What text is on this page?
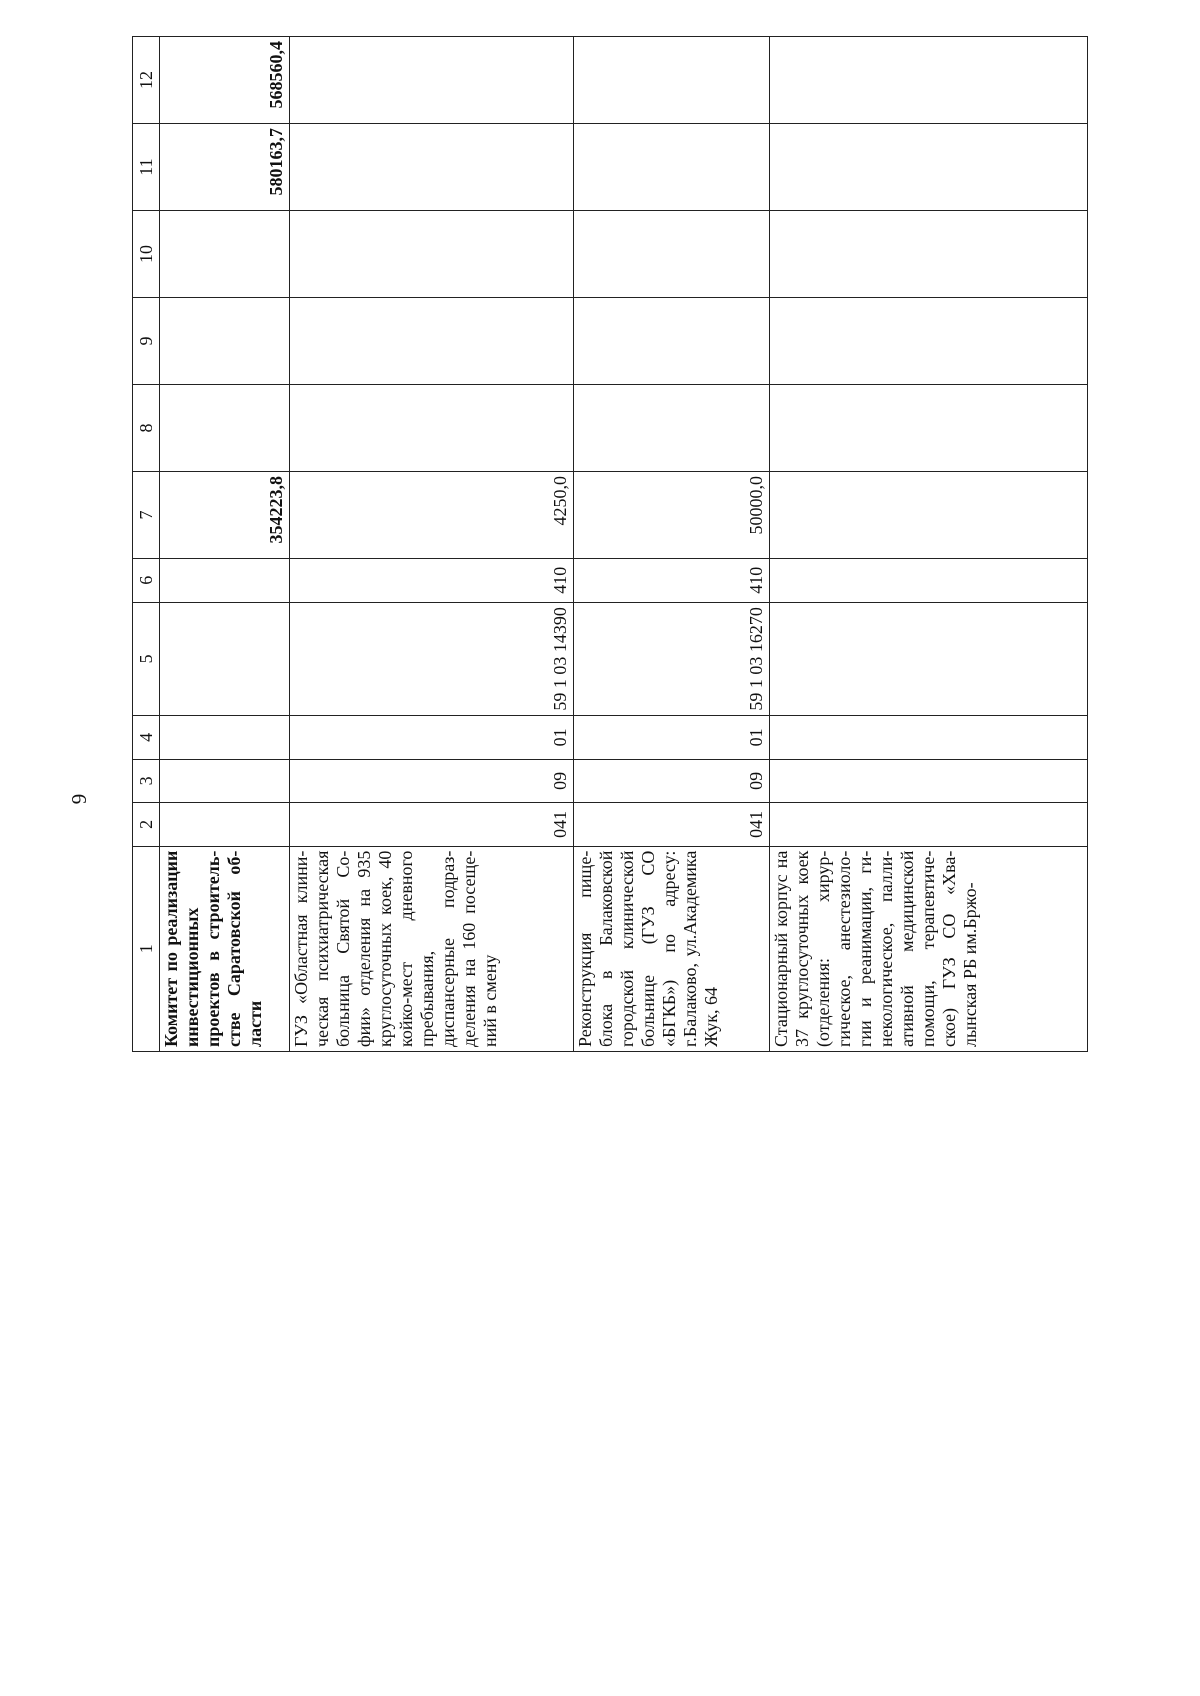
6
1	2	3	4	5	6	7	8	9	10	11	12
Комитет по реализации инвестиционных проектов в строительстве Саратовской области						354223,8				580163,7	568560,4
ГУЗ «Областная клиническая психиатрическая больница Святой Софии» отделения на 935 круглосуточных коек, 40 койко-мест дневного пребывания, диспансерные подразделения на 160 посещений в смену	041	09	01	59 1 03 14390	410	4250,0					
Реконструкция пищеблока в Балаковской городской клинической больнице (ГУЗ СО «БГКБ») по адресу: г.Балаково, ул.Академика Жук, 64	041	09	01	59 1 03 16270	410	50000,0					
Стационарный корпус на 37 круглосуточных коек (отделения: хирургическое, анестезиологии и реанимации, гинекологическое, паллиативной медицинской помощи, терапевтическое) ГУЗ СО «Хвалынская РБ им.Бржо-											
